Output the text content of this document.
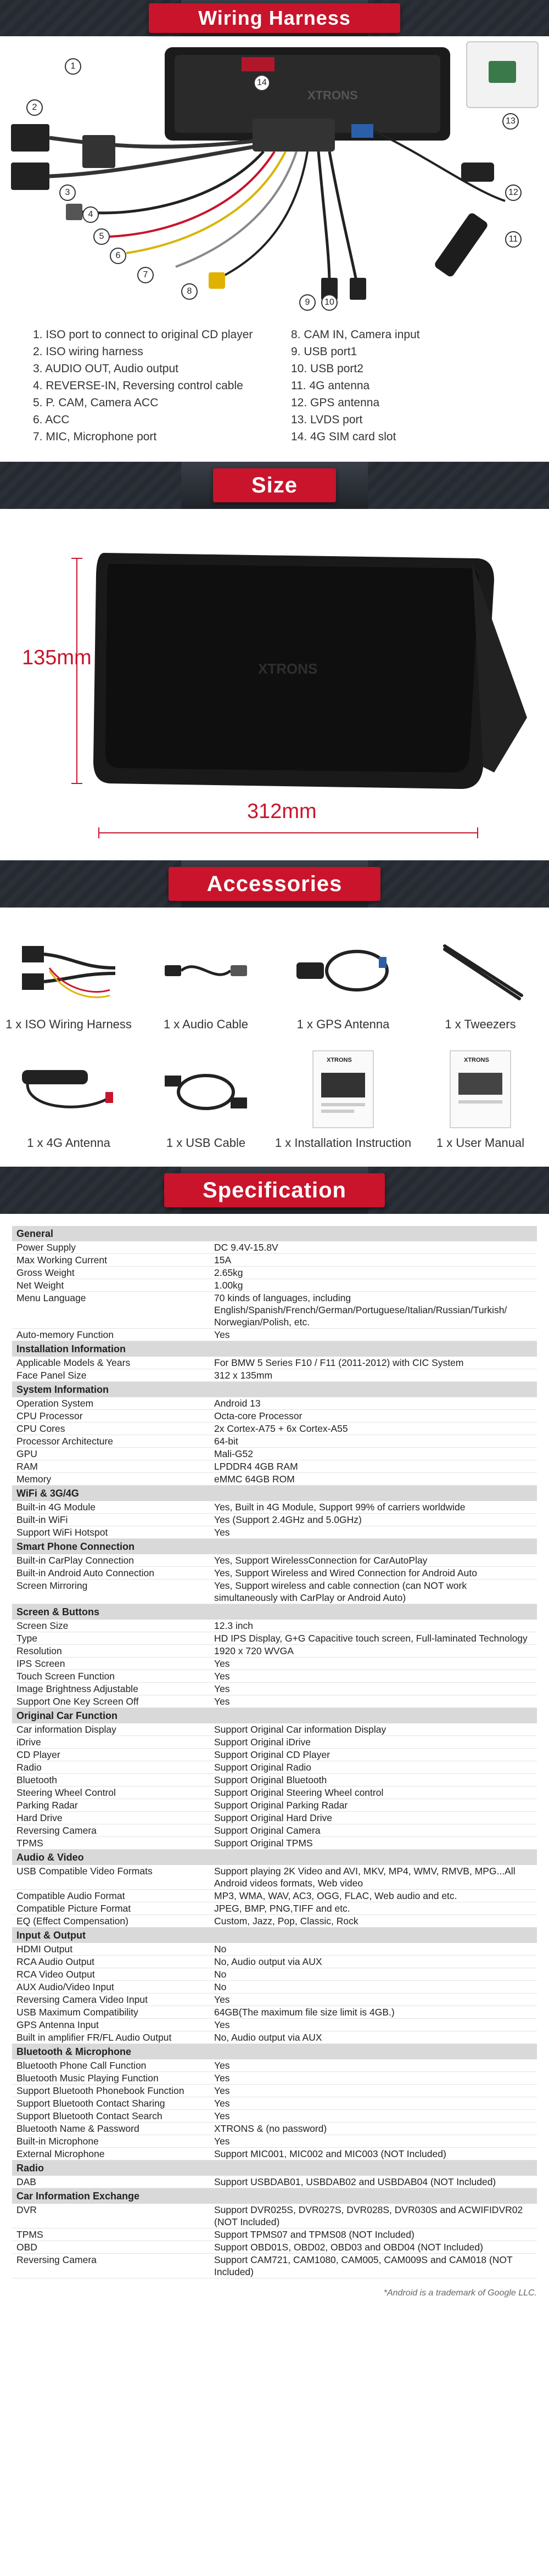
Wiring Harness
XTRONS
1
2
3
4
5
6
7
8
9	10
11
12
13
14
1. ISO port to connect to original CD player
2. ISO wiring harness
3. AUDIO OUT, Audio output
4. REVERSE-IN, Reversing control cable
5. P. CAM, Camera ACC
6. ACC
7. MIC, Microphone port
8. CAM IN, Camera input
9. USB port1
10. USB port2
11. 4G antenna
12. GPS antenna
13. LVDS port
14. 4G SIM card slot
Size
XTRONS
135mm
312mm
Accessories
1 x ISO Wiring Harness	1 x Audio Cable	1 x GPS Antenna	1 x Tweezers
1 x 4G Antenna	1 x USB Cable
XTRONS
1 x Installation Instruction
XTRONS
1 x User Manual
Specification
General	
Power Supply	DC 9.4V-15.8V
Max Working Current	15A
Gross Weight	2.65kg
Net Weight	1.00kg
Menu Language	70 kinds of languages, including English/Spanish/French/German/Portuguese/Italian/Russian/Turkish/ Norwegian/Polish, etc.
Auto-memory Function	Yes
Installation Information	
Applicable Models & Years	For BMW 5 Series F10 / F11 (2011-2012) with CIC System
Face Panel Size	312 x 135mm
System Information	
Operation System	Android 13
CPU Processor	Octa-core Processor
CPU Cores	2x Cortex-A75 + 6x Cortex-A55
Processor Architecture	64-bit
GPU	Mali-G52
RAM	LPDDR4 4GB RAM
Memory	eMMC 64GB ROM
WiFi & 3G/4G	
Built-in 4G Module	Yes, Built in 4G Module, Support 99% of carriers worldwide
Built-in WiFi	Yes (Support 2.4GHz and 5.0GHz)
Support WiFi Hotspot	Yes
Smart Phone Connection	
Built-in CarPlay Connection	Yes, Support WirelessConnection for CarAutoPlay
Built-in Android Auto Connection	Yes, Support Wireless and Wired Connection for Android Auto
Screen Mirroring	Yes, Support wireless and cable connection (can NOT work simultaneously with CarPlay or Android Auto)
Screen & Buttons	
Screen Size	12.3 inch
Type	HD IPS Display, G+G Capacitive touch screen, Full-laminated Technology
Resolution	1920 x 720 WVGA
IPS Screen	Yes
Touch Screen Function	Yes
Image Brightness Adjustable	Yes
Support One Key Screen Off	Yes
Original Car Function	
Car information Display	Support Original Car information Display
iDrive	Support Original iDrive
CD Player	Support Original CD Player
Radio	Support Original Radio
Bluetooth	Support Original Bluetooth
Steering Wheel Control	Support Original Steering Wheel control
Parking Radar	Support Original Parking Radar
Hard Drive	Support Original Hard Drive
Reversing Camera	Support Original Camera
TPMS	Support Original TPMS
Audio & Video	
USB Compatible Video Formats	Support playing 2K Video and AVI, MKV, MP4, WMV, RMVB, MPG...All Android videos formats, Web video
Compatible Audio Format	MP3, WMA, WAV, AC3, OGG, FLAC, Web audio and etc.
Compatible Picture Format	JPEG, BMP, PNG,TIFF and etc.
EQ (Effect Compensation)	Custom, Jazz, Pop, Classic, Rock
Input & Output	
HDMI Output	No
RCA Audio Output	No, Audio output via AUX
RCA Video Output	No
AUX Audio/Video Input	No
Reversing Camera Video Input	Yes
USB Maximum Compatibility	64GB(The maximum file size limit is 4GB.)
GPS Antenna Input	Yes
Built in amplifier FR/FL Audio Output	No, Audio output via AUX
Bluetooth & Microphone	
Bluetooth Phone Call Function	Yes
Bluetooth Music Playing Function	Yes
Support Bluetooth Phonebook Function	Yes
Support Bluetooth Contact Sharing	Yes
Support Bluetooth Contact Search	Yes
Bluetooth Name & Password	XTRONS & (no password)
Built-in Microphone	Yes
External Microphone	Support MIC001, MIC002 and MIC003 (NOT Included)
Radio	
DAB	Support USBDAB01, USBDAB02 and USBDAB04 (NOT Included)
Car Information Exchange	
DVR	Support DVR025S, DVR027S, DVR028S, DVR030S and ACWIFIDVR02 (NOT Included)
TPMS	Support TPMS07 and TPMS08 (NOT Included)
OBD	Support OBD01S, OBD02, OBD03 and OBD04 (NOT Included)
Reversing Camera	Support CAM721, CAM1080, CAM005, CAM009S and CAM018 (NOT Included)
*Android is a trademark of Google LLC.
